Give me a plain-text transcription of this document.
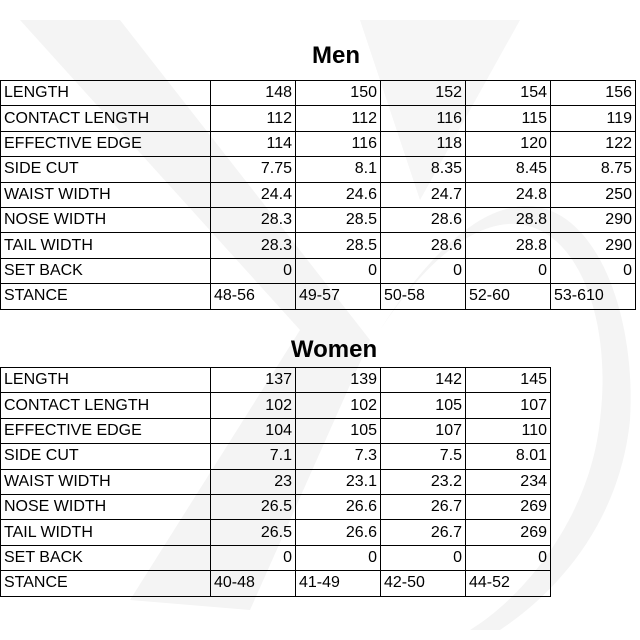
Men
LENGTH	148	150	152	154	156
CONTACT LENGTH	112	112	116	115	119
EFFECTIVE EDGE	114	116	118	120	122
SIDE CUT	7.75	8.1	8.35	8.45	8.75
WAIST WIDTH	24.4	24.6	24.7	24.8	250
NOSE WIDTH	28.3	28.5	28.6	28.8	290
TAIL WIDTH	28.3	28.5	28.6	28.8	290
SET BACK	0	0	0	0	0
STANCE	48-56	49-57	50-58	52-60	53-610
Women
LENGTH	137	139	142	145
CONTACT LENGTH	102	102	105	107
EFFECTIVE EDGE	104	105	107	110
SIDE CUT	7.1	7.3	7.5	8.01
WAIST WIDTH	23	23.1	23.2	234
NOSE WIDTH	26.5	26.6	26.7	269
TAIL WIDTH	26.5	26.6	26.7	269
SET BACK	0	0	0	0
STANCE	40-48	41-49	42-50	44-52
